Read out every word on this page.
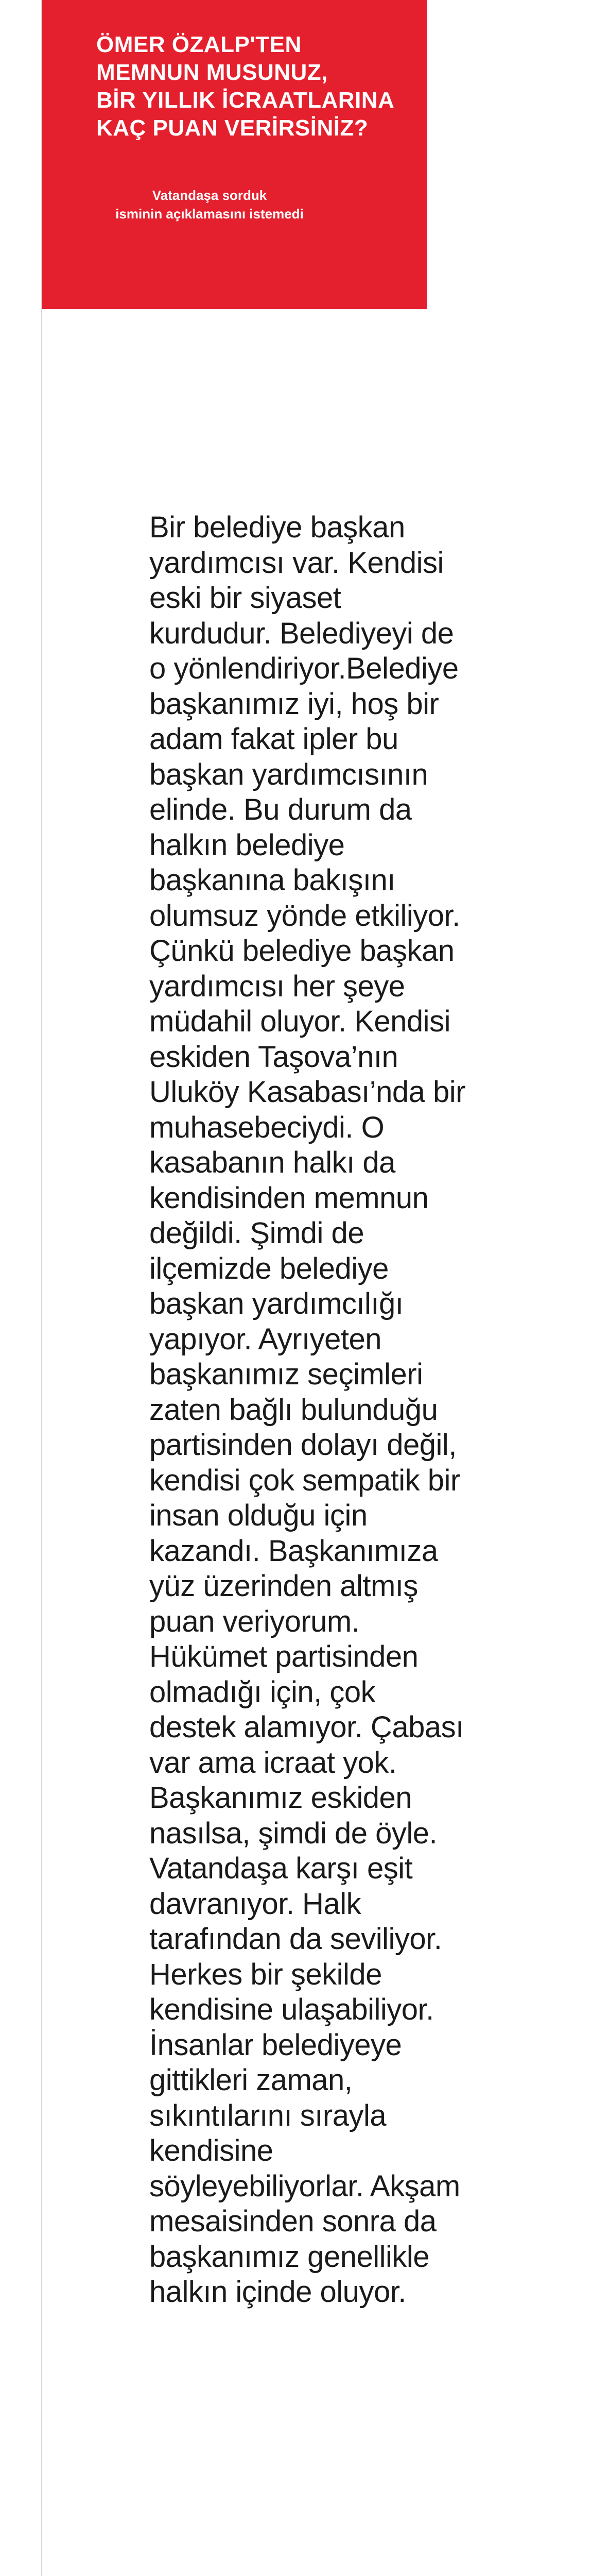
ÖMER ÖZALP'TEN
MEMNUN MUSUNUZ,
BİR YILLIK İCRAATLARINA
KAÇ PUAN VERİRSİNİZ?
Vatandaşa sorduk
isminin açıklamasını istemedi

Bir belediye başkan yardımcısı var. Kendisi eski bir siyaset kurdudur. Belediyeyi de o yönlendiriyor.Belediye başkanımız iyi, hoş bir adam fakat ipler bu başkan yardımcısının elinde. Bu durum da halkın belediye başkanına bakışını olumsuz yönde etkiliyor. Çünkü belediye başkan yardımcısı her şeye müdahil oluyor. Kendisi eskiden Taşova’nın Uluköy Kasabası’nda bir muhasebeciydi. O kasabanın halkı da kendisinden memnun değildi. Şimdi de ilçemizde belediye başkan yardımcılığı yapıyor. Ayrıyeten başkanımız seçimleri zaten bağlı bulunduğu partisinden dolayı değil, kendisi çok sempatik bir insan olduğu için kazandı. Başkanımıza yüz üzerinden altmış puan veriyorum. Hükümet partisinden olmadığı için, çok destek alamıyor. Çabası var ama icraat yok. Başkanımız eskiden nasılsa, şimdi de öyle. Vatandaşa karşı eşit davranıyor. Halk tarafından da seviliyor. Herkes bir şekilde kendisine ulaşabiliyor. İnsanlar belediyeye gittikleri zaman, sıkıntılarını sırayla kendisine söyleyebiliyorlar. Akşam mesaisinden sonra da başkanımız genellikle halkın içinde oluyor.
